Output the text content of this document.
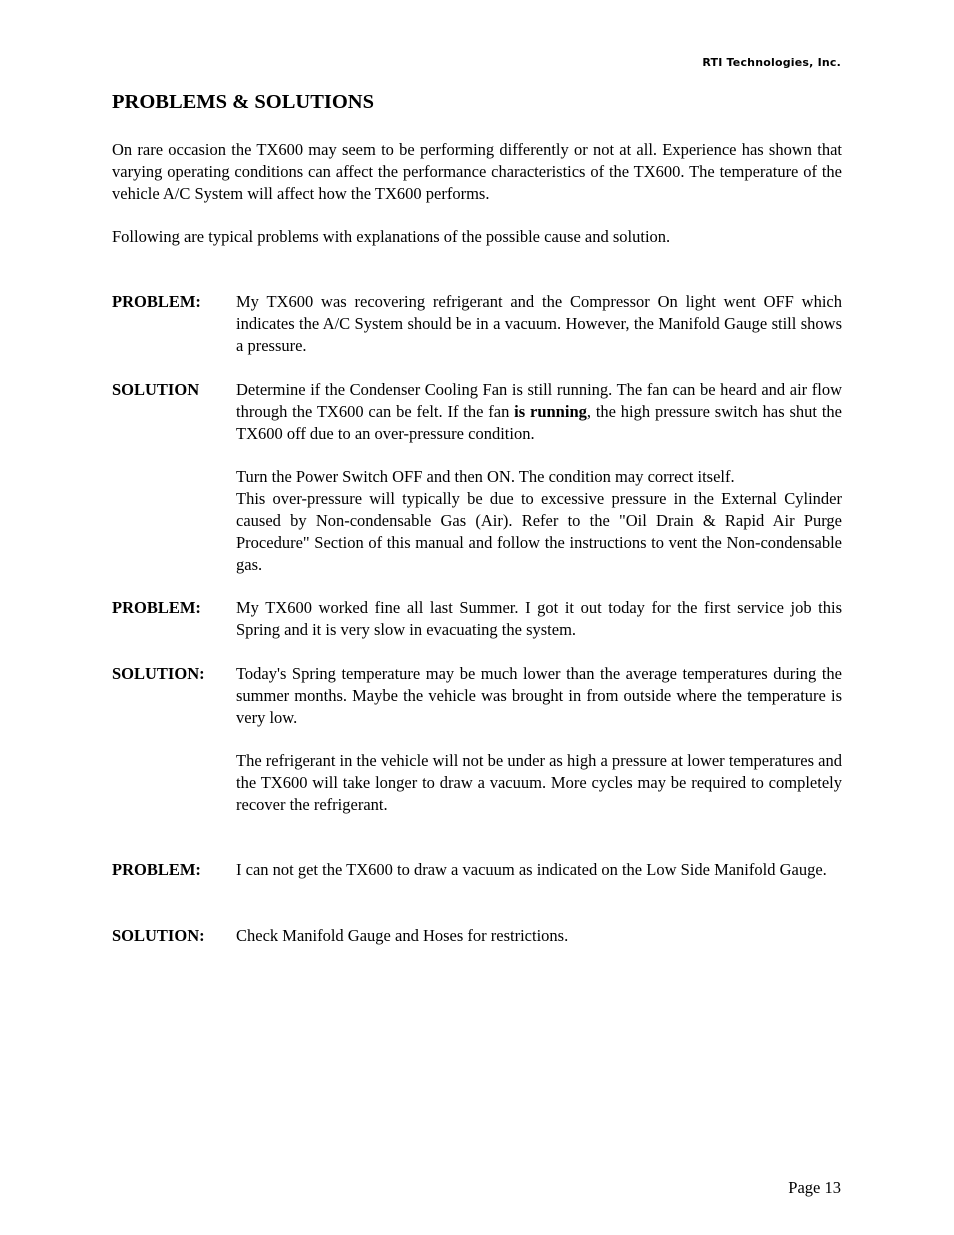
RTI Technologies, Inc.
PROBLEMS & SOLUTIONS

On rare occasion the TX600 may seem to be performing differently or not at all. Experience has shown that varying operating conditions can affect the performance characteristics of the TX600. The temperature of the vehicle A/C System will affect how the TX600 performs.

Following are typical problems with explanations of the possible cause and solution.

PROBLEM: My TX600 was recovering refrigerant and the Compressor On light went OFF which indicates the A/C System should be in a vacuum. However, the Manifold Gauge still shows a pressure.

SOLUTION Determine if the Condenser Cooling Fan is still running. The fan can be heard and air flow through the TX600 can be felt. If the fan is running, the high pressure switch has shut the TX600 off due to an over-pressure condition.

Turn the Power Switch OFF and then ON. The condition may correct itself.

This over-pressure will typically be due to excessive pressure in the External Cylinder caused by Non-condensable Gas (Air). Refer to the "Oil Drain & Rapid Air Purge Procedure" Section of this manual and follow the instructions to vent the Non-condensable gas.

PROBLEM: My TX600 worked fine all last Summer. I got it out today for the first service job this Spring and it is very slow in evacuating the system.

SOLUTION: Today's Spring temperature may be much lower than the average temperatures during the summer months. Maybe the vehicle was brought in from outside where the temperature is very low.

The refrigerant in the vehicle will not be under as high a pressure at lower temperatures and the TX600 will take longer to draw a vacuum. More cycles may be required to completely recover the refrigerant.

PROBLEM: I can not get the TX600 to draw a vacuum as indicated on the Low Side Manifold Gauge.

SOLUTION: Check Manifold Gauge and Hoses for restrictions.

Page 13
